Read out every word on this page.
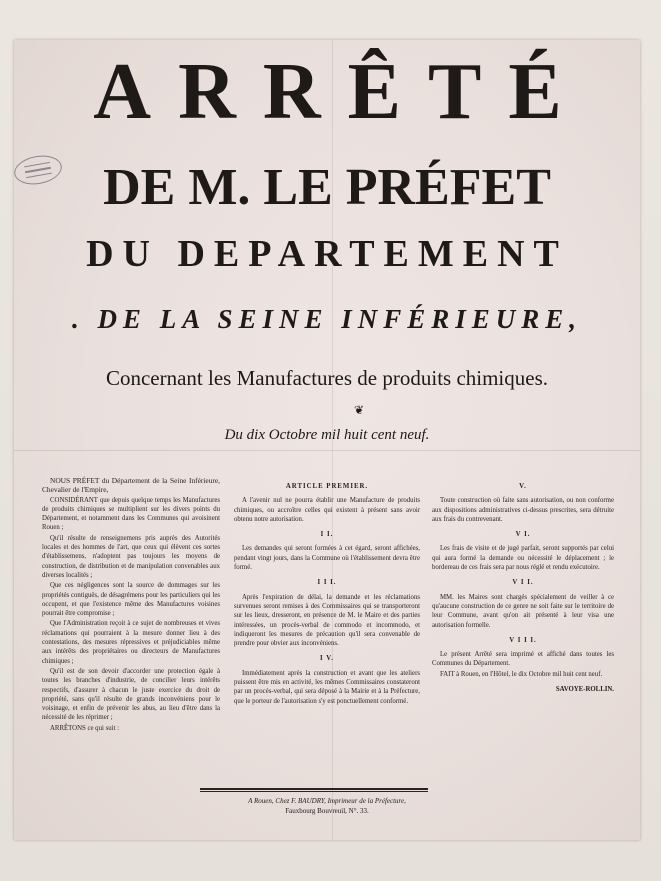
ARRÊTÉ
DE M. LE PRÉFET
DU DEPARTEMENT
. DE LA SEINE INFÉRIEURE,
Concernant les Manufactures de produits chimiques.
❦
Du dix Octobre mil huit cent neuf.

NOUS PRÉFET du Département de la Seine Inférieure, Chevalier de l'Empire,

CONSIDÉRANT que depuis quelque temps les Manufactures de produits chimiques se multiplient sur les divers points du Département, et notamment dans les Communes qui avoisinent Rouen ;

Qu'il résulte de renseignemens pris auprès des Autorités locales et des hommes de l'art, que ceux qui élèvent ces sortes d'établissemens, n'adoptent pas toujours les moyens de construction, de distribution et de manipulation convenables aux diverses localités ;

Que ces négligences sont la source de dommages sur les propriétés contiguës, de désagrémens pour les particuliers qui les occupent, et que l'existence même des Manufactures voisines pourrait être compromise ;

Que l'Administration reçoit à ce sujet de nombreuses et vives réclamations qui pourraient à la mesure donner lieu à des contestations, des mesures répressives et préjudiciables même aux intérêts des propriétaires ou directeurs de Manufactures chimiques ;

Qu'il est de son devoir d'accorder une protection égale à toutes les branches d'industrie, de concilier leurs intérêts respectifs, d'assurer à chacun le juste exercice du droit de propriété, sans qu'il résulte de grands inconvéniens pour le voisinage, et enfin de prévenir les abus, au lieu d'être dans la nécessité de les réprimer ;

ARRÊTONS ce qui suit :

ARTICLE PREMIER.

A l'avenir nul ne pourra établir une Manufacture de produits chimiques, ou accroître celles qui existent à présent sans avoir obtenu notre autorisation.

I I.

Les demandes qui seront formées à cet égard, seront affichées, pendant vingt jours, dans la Commune où l'établissement devra être formé.

I I I.

Après l'expiration de délai, la demande et les réclamations survenues seront remises à des Commissaires qui se transporteront sur les lieux, dresseront, en présence de M. le Maire et des parties intéressées, un procès-verbal de commodo et incommodo, et indiqueront les mesures de précaution qu'il sera convenable de prendre pour obvier aux inconvéniens.

I V.

Immédiatement après la construction et avant que les ateliers puissent être mis en activité, les mêmes Commissaires constateront par un procès-verbal, qui sera déposé à la Mairie et à la Préfecture, que le porteur de l'autorisation s'y est ponctuellement conformé.

V.

Toute construction où faite sans autorisation, ou non conforme aux dispositions administratives ci-dessus prescrites, sera détruite aux frais du contrevenant.

V I.

Les frais de visite et de jugé parfait, seront supportés par celui qui aura formé la demande ou nécessité le déplacement ; le bordereau de ces frais sera par nous réglé et rendu exécutoire.

V I I.

MM. les Maires sont chargés spécialement de veiller à ce qu'aucune construction de ce genre ne soit faite sur le territoire de leur Commune, avant qu'on ait présenté à leur visa une autorisation formelle.

V I I I.

Le présent Arrêté sera imprimé et affiché dans toutes les Communes du Département.

FAIT à Rouen, en l'Hôtel, le dix Octobre mil huit cent neuf.

SAVOYE-ROLLIN.

A Rouen, Chez F. BAUDRY, Imprimeur de la Préfecture,
Fauxbourg Bouvreuil, N°. 33.
